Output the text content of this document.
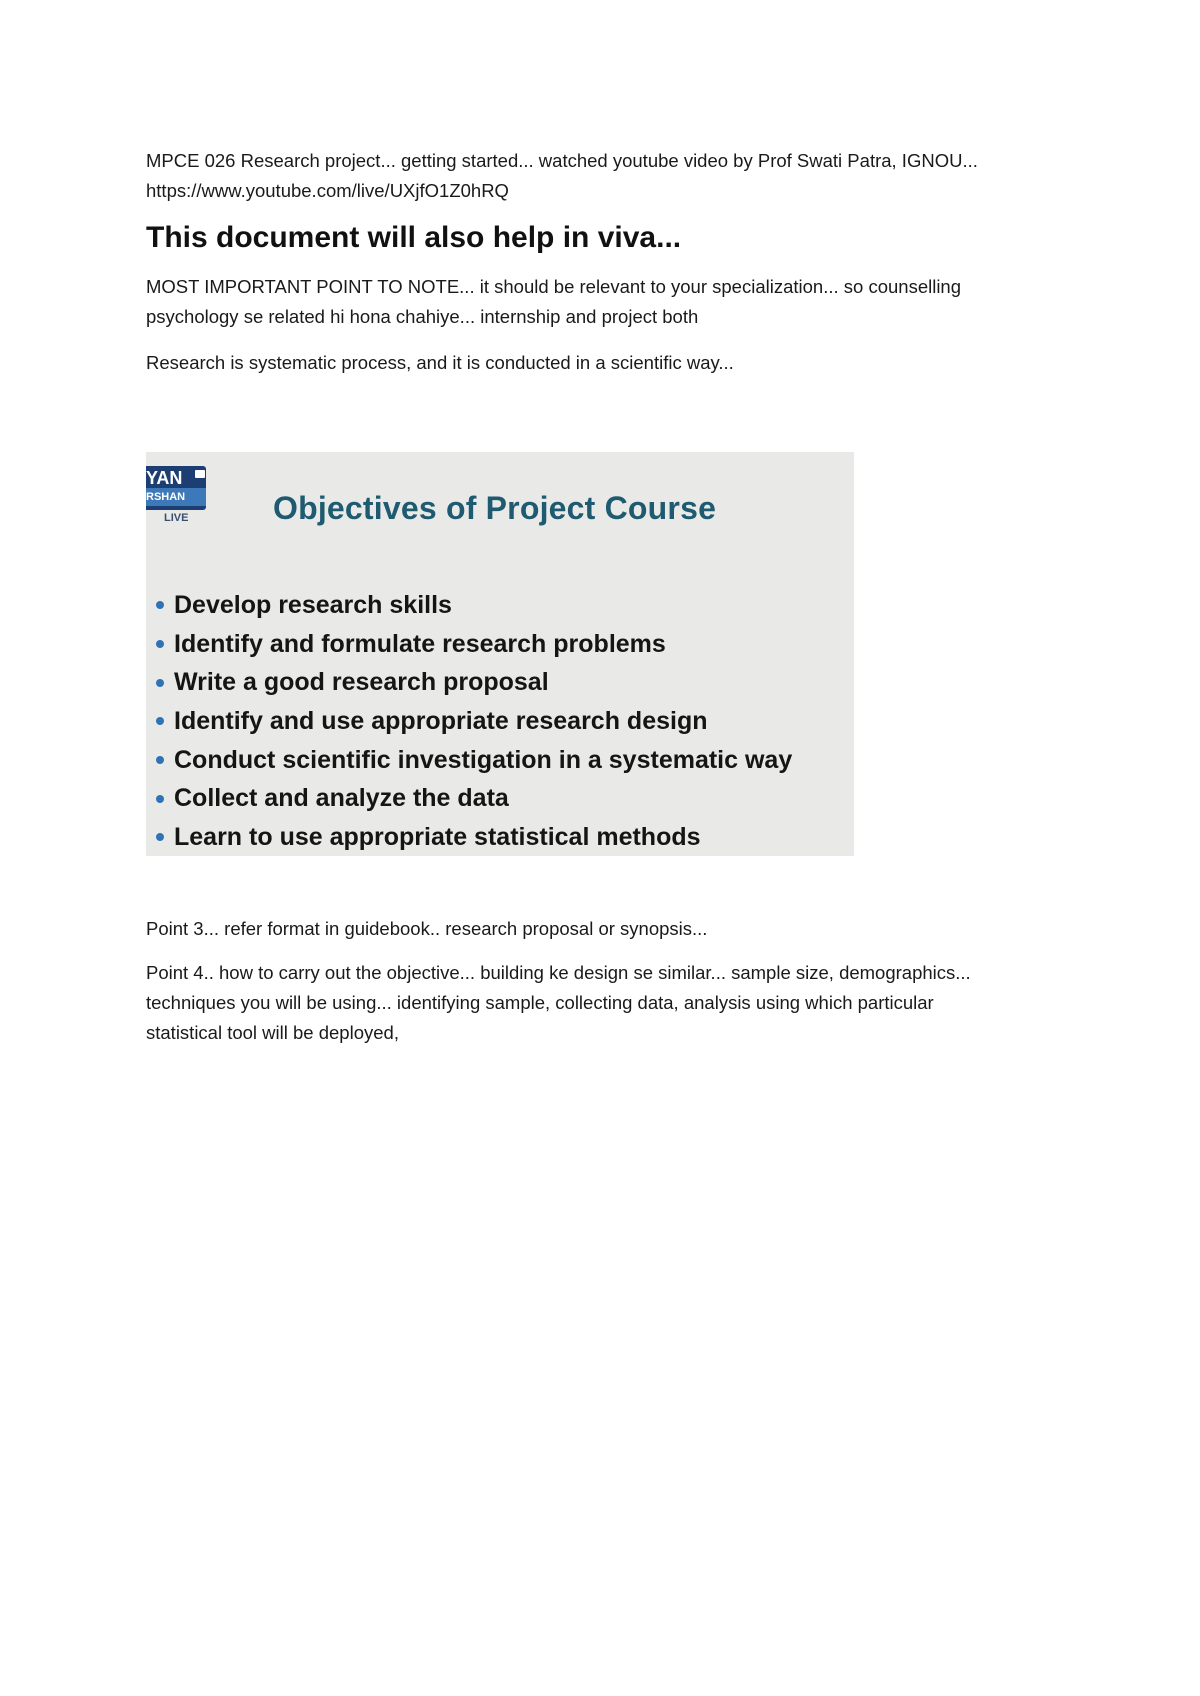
MPCE 026 Research project... getting started... watched youtube video by Prof Swati Patra, IGNOU...
https://www.youtube.com/live/UXjfO1Z0hRQ

This document will also help in viva...

MOST IMPORTANT POINT TO NOTE... it should be relevant to your specialization... so counselling
psychology se related hi hona chahiye... internship and project both

Research is systematic process, and it is conducted in a scientific way...

YAN
RSHAN
LIVE	Objectives of Project Course
Develop research skills
Identify and formulate research problems
Write a good research proposal
Identify and use appropriate research design
Conduct scientific investigation in a systematic way
Collect and analyze the data
Learn to use appropriate statistical methods

Point 3... refer format in guidebook.. research proposal or synopsis...

Point 4.. how to carry out the objective... building ke design se similar... sample size, demographics...
techniques you will be using... identifying sample, collecting data, analysis using which particular
statistical tool will be deployed,
